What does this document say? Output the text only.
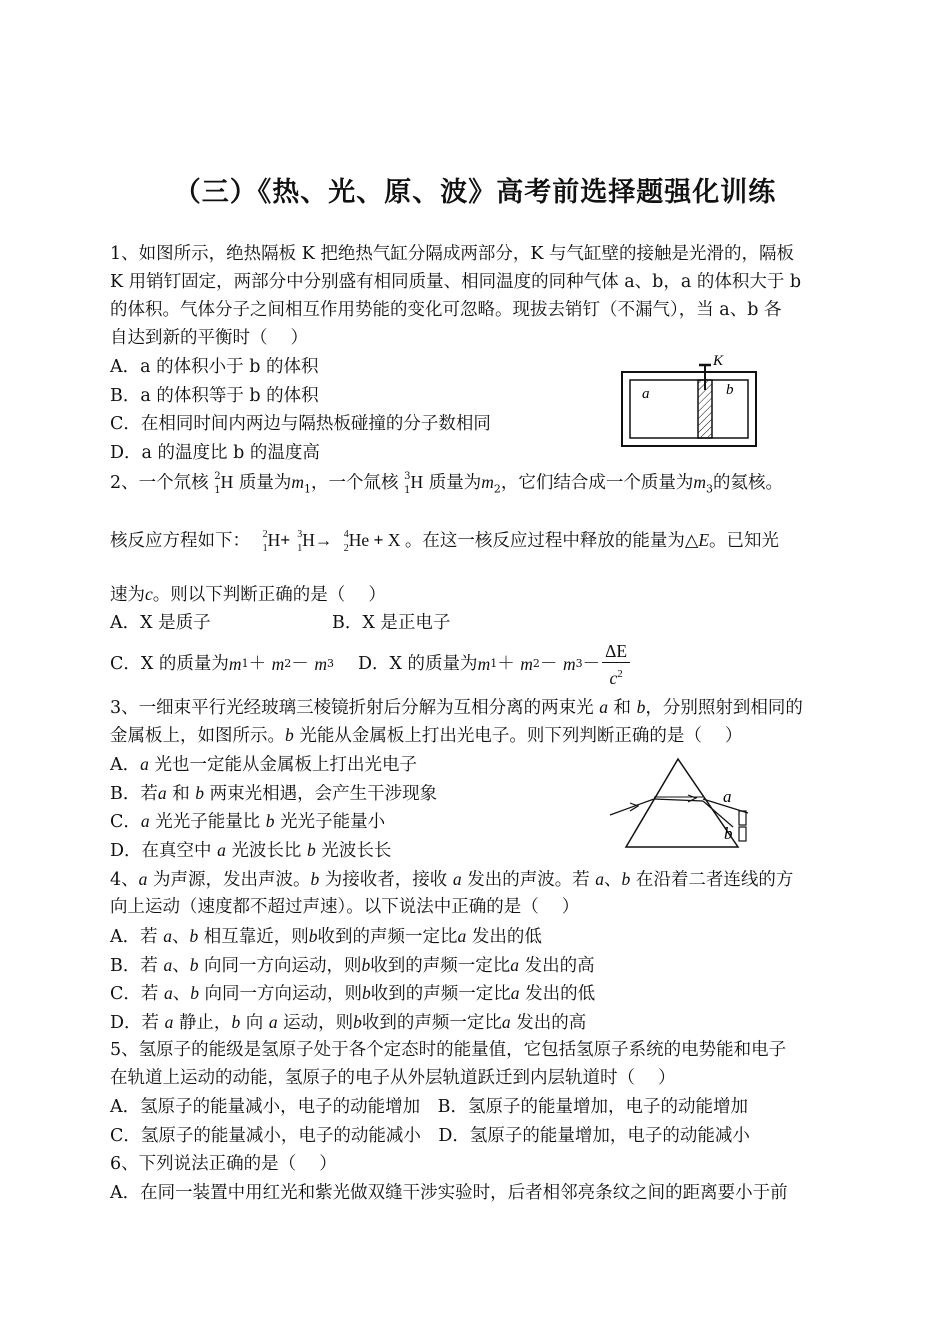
（三）《热、光、原、波》高考前选择题强化训练
1、如图所示，绝热隔板 K 把绝热气缸分隔成两部分，K 与气缸壁的接触是光滑的，隔板
K 用销钉固定，两部分中分别盛有相同质量、相同温度的同种气体 a、b，a 的体积大于 b
的体积。气体分子之间相互作用势能的变化可忽略。现拔去销钉（不漏气），当 a、b 各
自达到新的平衡时（　 ）
A．a 的体积小于 b 的体积
B．a 的体积等于 b 的体积
C．在相同时间内两边与隔热板碰撞的分子数相同
D．a 的温度比 b 的温度高
K
a	b
2、一个氘核 2
1 H 质量为$m_1$，一个氚核 3
1 H 质量为$m_2$，它们结合成一个质量为$m_3$的氦核。
核反应方程如下： 2
1 H+ 3
1 H→ 4
2 He + X 。在这一核反应过程中释放的能量为△E。已知光
速为c。则以下判断正确的是（　 ）
A．X 是质子	B．X 是正电子
C．X 的质量为 m 1 ＋
m 2 －
m 3 D．X 的质量为 m 1 ＋
m 2 －
m $3 - \frac{\Delta E}{c^2}$
3、一细束平行光经玻璃三棱镜折射后分解为互相分离的两束光 a 和 b，分别照射到相同的
金属板上，如图所示。b 光能从金属板上打出光电子。则下列判断正确的是（　 ）
A．a 光也一定能从金属板上打出光电子
B．若a 和 b 两束光相遇，会产生干涉现象
C．a 光光子能量比 b 光光子能量小
D．在真空中 a 光波长比 b 光波长长
a
b
4、a 为声源，发出声波。b 为接收者，接收 a 发出的声波。若 a、b 在沿着二者连线的方
向上运动（速度都不超过声速）。以下说法中正确的是（　 ）
A．若 a、b 相互靠近，则b收到的声频一定比a 发出的低
B．若 a、b 向同一方向运动，则b收到的声频一定比a 发出的高
C．若 a、b 向同一方向运动，则b收到的声频一定比a 发出的低
D．若 a 静止，b 向 a 运动，则b收到的声频一定比a 发出的高
5、氢原子的能级是氢原子处于各个定态时的能量值，它包括氢原子系统的电势能和电子
在轨道上运动的动能，氢原子的电子从外层轨道跃迁到内层轨道时（　 ）
A．氢原子的能量减小，电子的动能增加　B．氢原子的能量增加，电子的动能增加
C．氢原子的能量减小，电子的动能减小　D．氢原子的能量增加，电子的动能减小
6、下列说法正确的是（　 ）
A．在同一装置中用红光和紫光做双缝干涉实验时，后者相邻亮条纹之间的距离要小于前
